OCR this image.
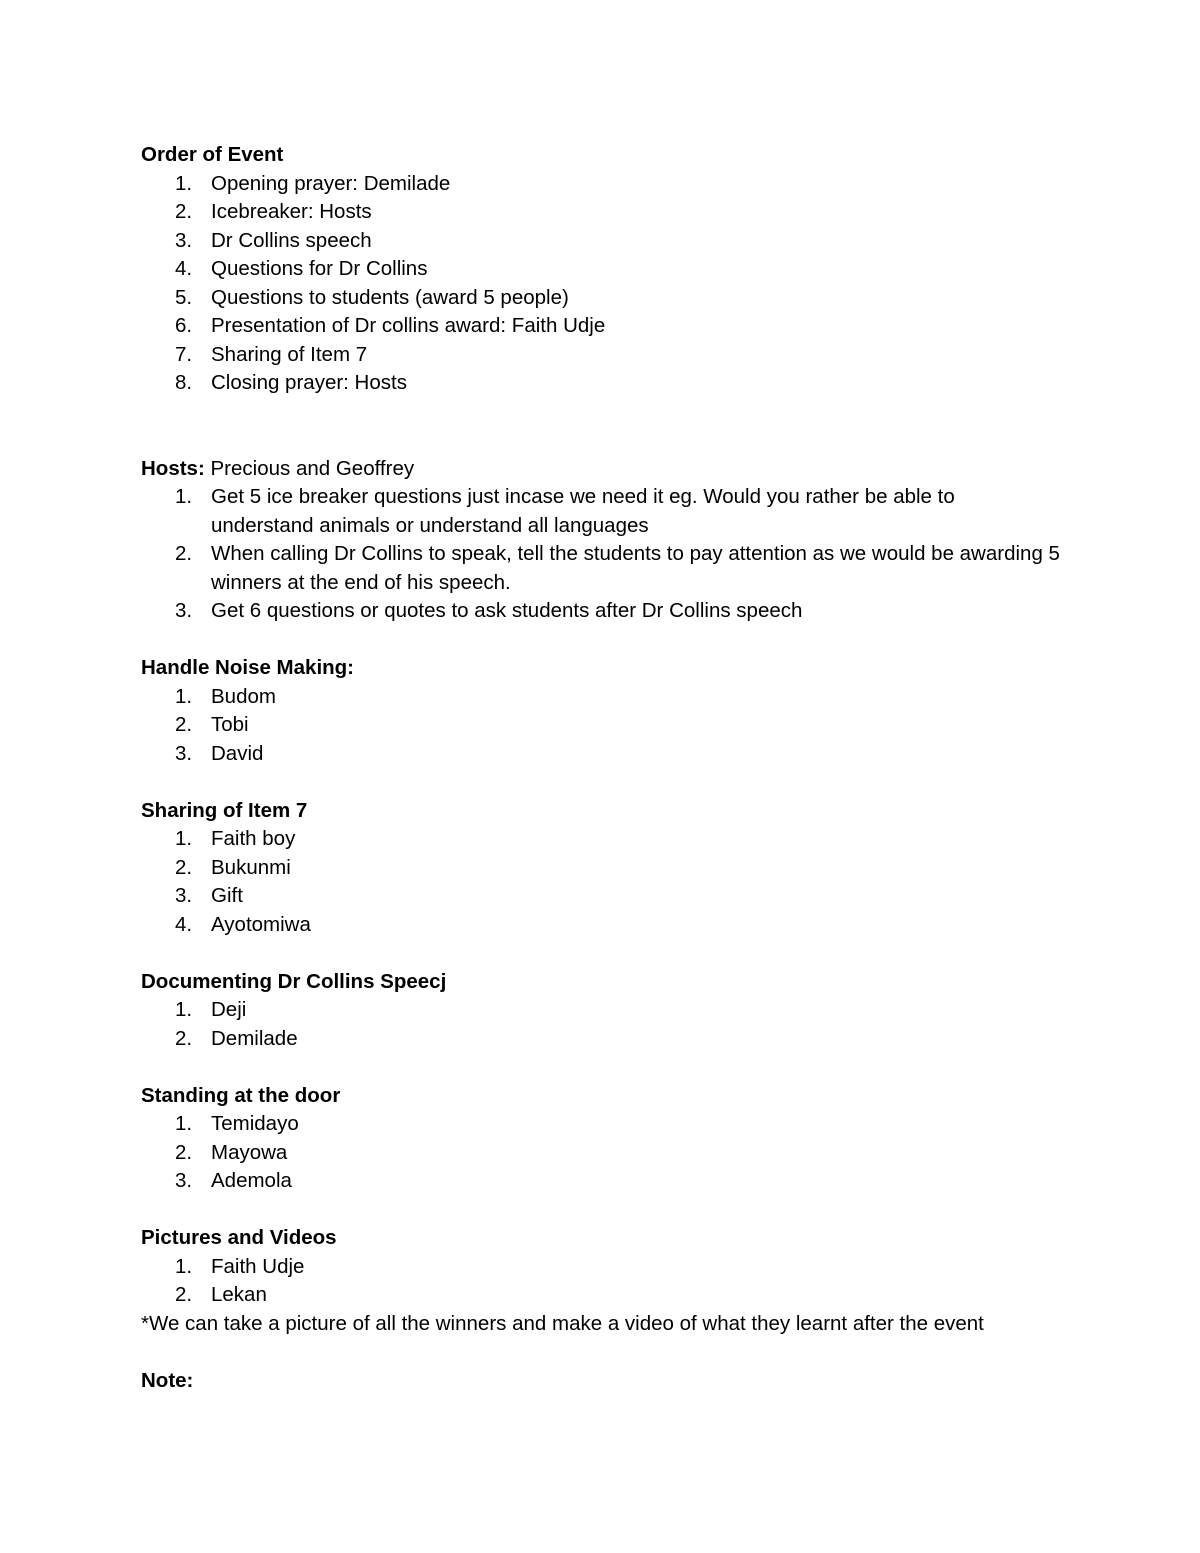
Order of Event
1. Opening prayer: Demilade
2. Icebreaker: Hosts
3. Dr Collins speech
4. Questions for Dr Collins
5. Questions to students (award 5 people)
6. Presentation of Dr collins award: Faith Udje
7. Sharing of Item 7
8. Closing prayer: Hosts
Hosts: Precious and Geoffrey
1. Get 5 ice breaker questions just incase we need it eg. Would you rather be able to understand animals or understand all languages
2. When calling Dr Collins to speak, tell the students to pay attention as we would be awarding 5 winners at the end of his speech.
3. Get 6 questions or quotes to ask students after Dr Collins speech
Handle Noise Making:
1. Budom
2. Tobi
3. David
Sharing of Item 7
1. Faith boy
2. Bukunmi
3. Gift
4. Ayotomiwa
Documenting Dr Collins Speecj
1. Deji
2. Demilade
Standing at the door
1. Temidayo
2. Mayowa
3. Ademola
Pictures and Videos
1. Faith Udje
2. Lekan
*We can take a picture of all the winners and make a video of what they learnt after the event
Note:
